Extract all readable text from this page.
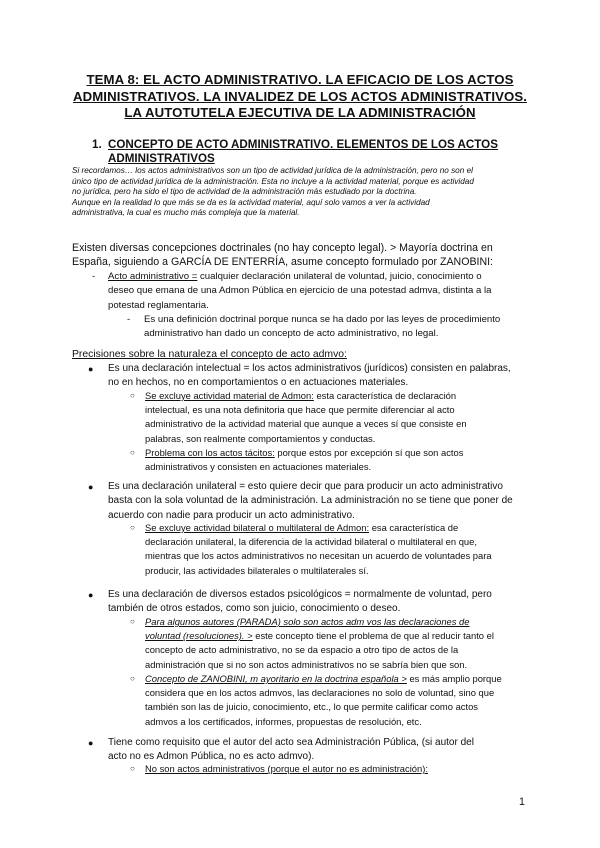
TEMA 8: EL ACTO ADMINISTRATIVO. LA EFICACIO DE LOS ACTOS
ADMINISTRATIVOS. LA INVALIDEZ DE LOS ACTOS ADMINISTRATIVOS.
LA AUTOTUTELA EJECUTIVA DE LA ADMINISTRACIÓN
1. CONCEPTO DE ACTO ADMINISTRATIVO. ELEMENTOS DE LOS ACTOS
ADMINISTRATIVOS
Si recordamos… los actos administrativos son un tipo de actividad jurídica de la administración, pero no son el
único tipo de actividad jurídica de la administración. Esta no incluye a la actividad material, porque es actividad
no jurídica, pero ha sido el tipo de actividad de la administración más estudiado por la doctrina.
Aunque en la realidad lo que más se da es la actividad material, aquí solo vamos a ver la actividad
administrativa, la cual es mucho más compleja que la material.
Existen diversas concepciones doctrinales (no hay concepto legal). > Mayoría doctrina en
España, siguiendo a GARCÍA DE ENTERRÍA, asume concepto formulado por ZANOBINI:
- Acto administrativo = cualquier declaración unilateral de voluntad, juicio, conocimiento o
deseo que emana de una Admon Pública en ejercicio de una potestad admva, distinta a la
potestad reglamentaria.
- Es una definición doctrinal porque nunca se ha dado por las leyes de procedimiento
administrativo han dado un concepto de acto administrativo, no legal.
Precisiones sobre la naturaleza el concepto de acto admvo:
● Es una declaración intelectual = los actos administrativos (jurídicos) consisten en palabras,
no en hechos, no en comportamientos o en actuaciones materiales.
○ Se excluye actividad material de Admon: esta característica de declaración
intelectual, es una nota definitoria que hace que permite diferenciar al acto
administrativo de la actividad material que aunque a veces sí que consiste en
palabras, son realmente comportamientos y conductas.
○ Problema con los actos tácitos: porque estos por excepción sí que son actos
administrativos y consisten en actuaciones materiales.
● Es una declaración unilateral = esto quiere decir que para producir un acto administrativo
basta con la sola voluntad de la administración. La administración no se tiene que poner de
acuerdo con nadie para producir un acto administrativo.
○ Se excluye actividad bilateral o multilateral de Admon: esa característica de
declaración unilateral, la diferencia de la actividad bilateral o multilateral en que,
mientras que los actos administrativos no necesitan un acuerdo de voluntades para
producir, las actividades bilaterales o multilaterales sí.
● Es una declaración de diversos estados psicológicos = normalmente de voluntad, pero
también de otros estados, como son juicio, conocimiento o deseo.
○ Para algunos autores (PARADA) solo son actos adm vos las declaraciones de
voluntad (resoluciones). > este concepto tiene el problema de que al reducir tanto el
concepto de acto administrativo, no se da espacio a otro tipo de actos de la
administración que si no son actos administrativos no se sabría bien que son.
○ Concepto de ZANOBINI, m ayoritario en la doctrina española > es más amplio porque
considera que en los actos admvos, las declaraciones no solo de voluntad, sino que
también son las de juicio, conocimiento, etc., lo que permite calificar como actos
admvos a los certificados, informes, propuestas de resolución, etc.
● Tiene como requisito que el autor del acto sea Administración Pública, (si autor del
acto no es Admon Pública, no es acto admvo).
○ No son actos administrativos (porque el autor no es administración):
1
